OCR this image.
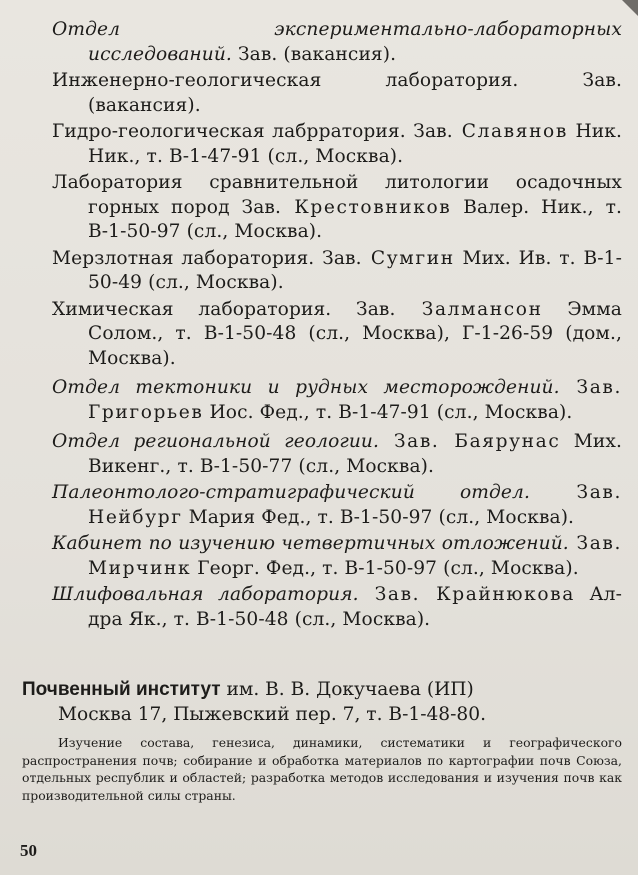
Отдел экспериментально-лабораторных исследований. Зав. (вакансия).
Инженерно-геологическая лаборатория. Зав. (вакансия).
Гидро-геологическая лабрратория. Зав. Славянов Ник. Ник., т. В-1-47-91 (сл., Москва).
Лаборатория сравнительной литологии осадочных горных пород Зав. Крестовников Валер. Ник., т. В-1-50-97 (сл., Москва).
Мерзлотная лаборатория. Зав. Сумгин Мих. Ив. т. В-1-50-49 (сл., Москва).
Химическая лаборатория. Зав. Залмансон Эмма Солом., т. В-1-50-48 (сл., Москва), Г-1-26-59 (дом., Москва).
Отдел тектоники и рудных месторождений. Зав. Григорьев Иос. Фед., т. В-1-47-91 (сл., Москва).
Отдел региональной геологии. Зав. Баярунас Мих. Викенг., т. В-1-50-77 (сл., Москва).
Палеонтолого-стратиграфический отдел. Зав. Нейбург Мария Фед., т. В-1-50-97 (сл., Москва).
Кабинет по изучению четвертичных отложений. Зав. Мирчинк Георг. Фед., т. В-1-50-97 (сл., Москва).
Шлифовальная лаборатория. Зав. Крайнюкова Ал-дра Як., т. В-1-50-48 (сл., Москва).
Почвенный институт им. В. В. Докучаева (ИП)
Москва 17, Пыжевский пер. 7, т. В-1-48-80.
Изучение состава, генезиса, динамики, систематики и географического распространения почв; собирание и обработка материалов по картографии почв Союза, отдельных республик и областей; разработка методов исследования и изучения почв как производительной силы страны.
50
